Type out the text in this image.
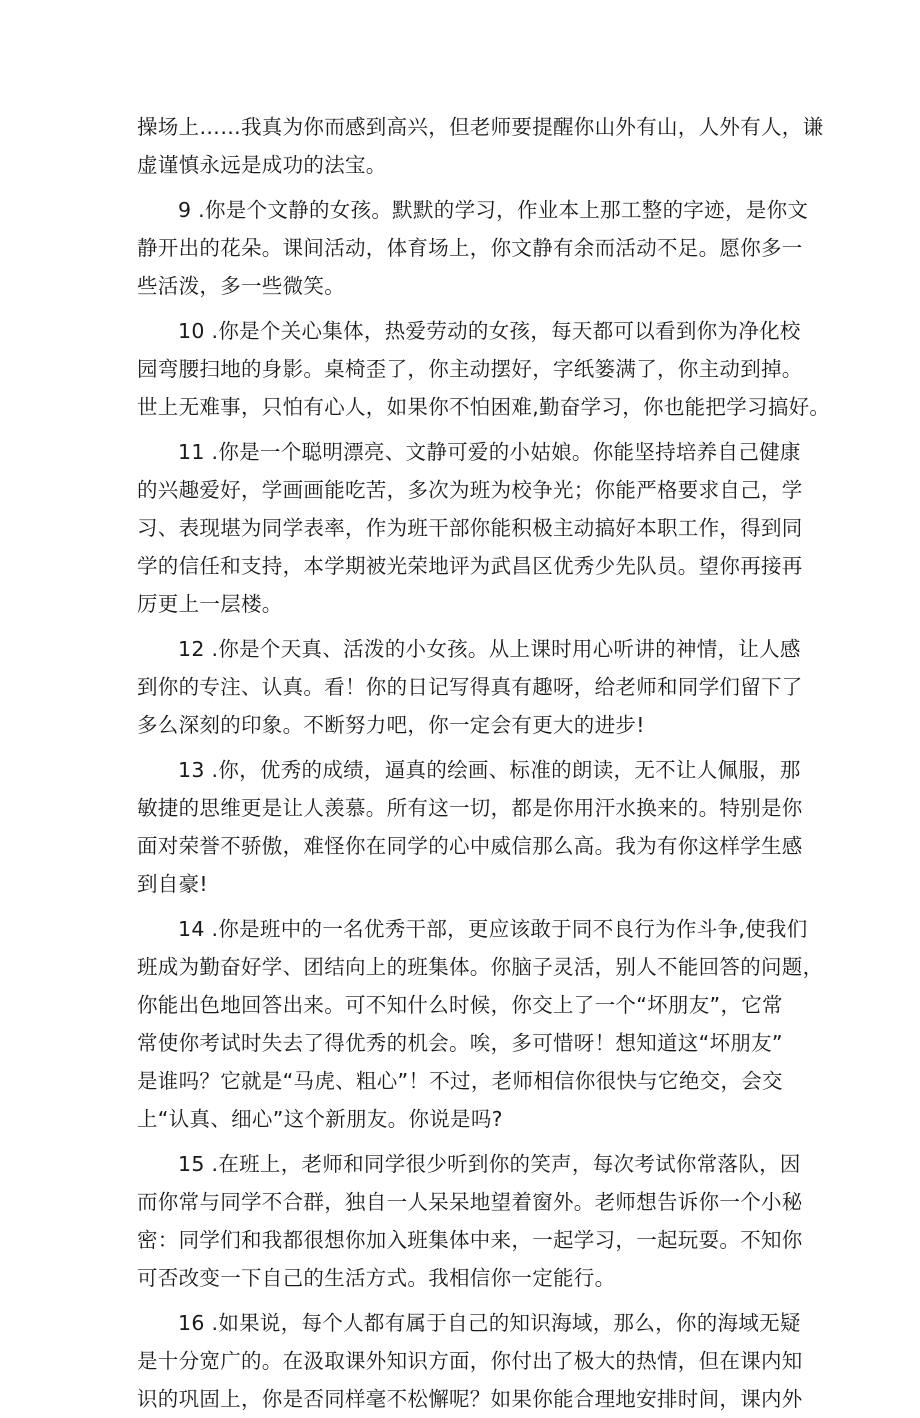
操场上……我真为你而感到高兴，但老师要提醒你山外有山，人外有人，谦
虚谨慎永远是成功的法宝。

9 .你是个文静的女孩。默默的学习，作业本上那工整的字迹，是你文
静开出的花朵。课间活动，体育场上，你文静有余而活动不足。愿你多一
些活泼，多一些微笑。

10 .你是个关心集体，热爱劳动的女孩，每天都可以看到你为净化校
园弯腰扫地的身影。桌椅歪了，你主动摆好，字纸篓满了，你主动到掉。
世上无难事，只怕有心人，如果你不怕困难,勤奋学习，你也能把学习搞好。

11 .你是一个聪明漂亮、文静可爱的小姑娘。你能坚持培养自己健康
的兴趣爱好，学画画能吃苦，多次为班为校争光；你能严格要求自己，学
习、表现堪为同学表率，作为班干部你能积极主动搞好本职工作，得到同
学的信任和支持，本学期被光荣地评为武昌区优秀少先队员。望你再接再
厉更上一层楼。

12 .你是个天真、活泼的小女孩。从上课时用心听讲的神情，让人感
到你的专注、认真。看！你的日记写得真有趣呀，给老师和同学们留下了
多么深刻的印象。不断努力吧，你一定会有更大的进步!

13 .你，优秀的成绩，逼真的绘画、标准的朗读，无不让人佩服，那
敏捷的思维更是让人羡慕。所有这一切，都是你用汗水换来的。特别是你
面对荣誉不骄傲，难怪你在同学的心中威信那么高。我为有你这样学生感
到自豪!

14 .你是班中的一名优秀干部，更应该敢于同不良行为作斗争,使我们
班成为勤奋好学、团结向上的班集体。你脑子灵活，别人不能回答的问题，
你能出色地回答出来。可不知什么时候，你交上了一个“坏朋友”，它常
常使你考试时失去了得优秀的机会。唉，多可惜呀！想知道这“坏朋友”
是谁吗？它就是“马虎、粗心”！不过，老师相信你很快与它绝交，会交
上“认真、细心”这个新朋友。你说是吗?

15 .在班上，老师和同学很少听到你的笑声，每次考试你常落队，因
而你常与同学不合群，独自一人呆呆地望着窗外。老师想告诉你一个小秘
密：同学们和我都很想你加入班集体中来，一起学习，一起玩耍。不知你
可否改变一下自己的生活方式。我相信你一定能行。

16 .如果说，每个人都有属于自己的知识海域，那么，你的海域无疑
是十分宽广的。在汲取课外知识方面，你付出了极大的热情，但在课内知
识的巩固上，你是否同样毫不松懈呢？如果你能合理地安排时间，课内外
